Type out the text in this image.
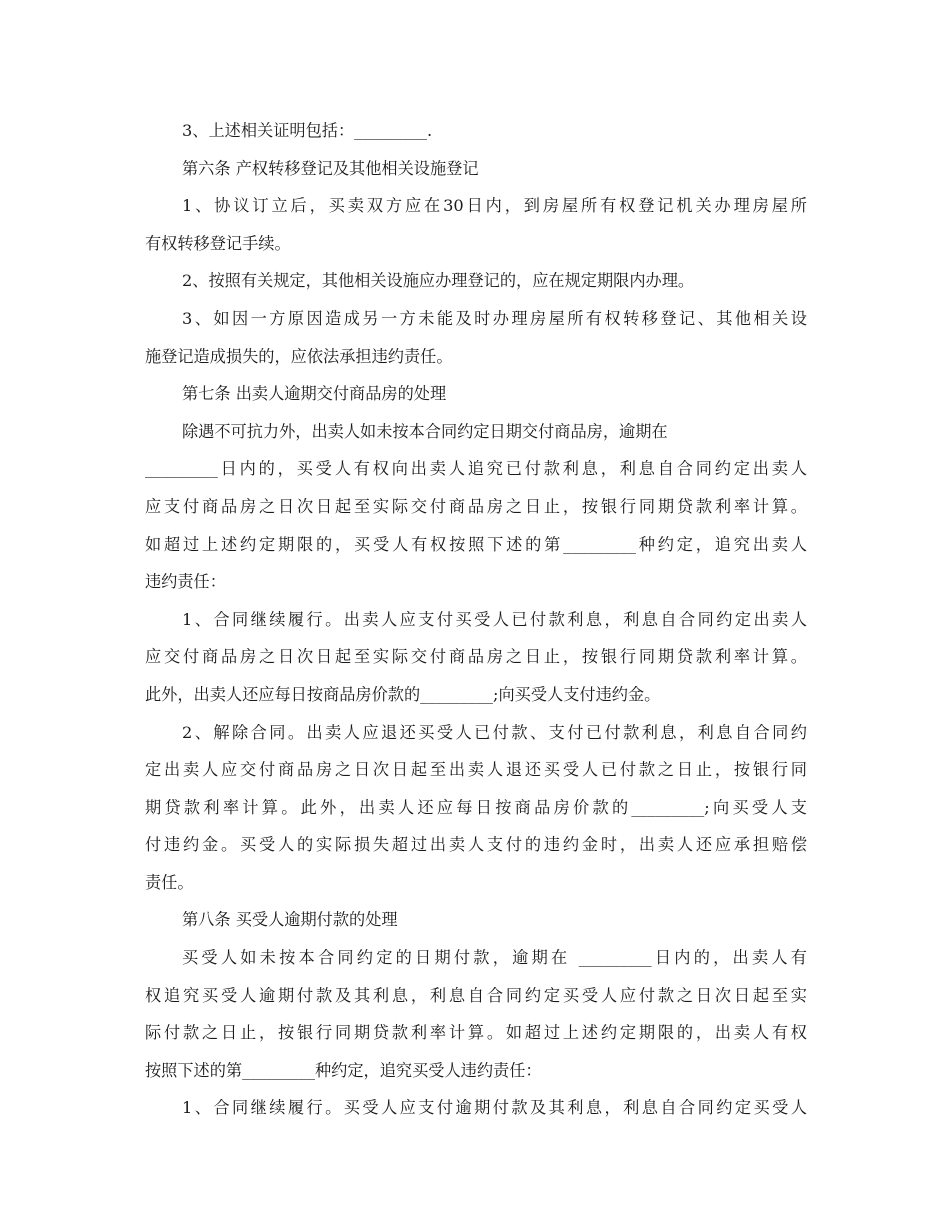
3、上述相关证明包括：_________.
第六条 产权转移登记及其他相关设施登记
1、协议订立后，买卖双方应在30日内，到房屋所有权登记机关办理房屋所
有权转移登记手续。
2、按照有关规定，其他相关设施应办理登记的，应在规定期限内办理。
3、如因一方原因造成另一方未能及时办理房屋所有权转移登记、其他相关设
施登记造成损失的，应依法承担违约责任。
第七条 出卖人逾期交付商品房的处理
除遇不可抗力外，出卖人如未按本合同约定日期交付商品房，逾期在
_________日内的，买受人有权向出卖人追究已付款利息，利息自合同约定出卖人
应支付商品房之日次日起至实际交付商品房之日止，按银行同期贷款利率计算。
如超过上述约定期限的，买受人有权按照下述的第_________种约定，追究出卖人
违约责任：
1、合同继续履行。出卖人应支付买受人已付款利息，利息自合同约定出卖人
应交付商品房之日次日起至实际交付商品房之日止，按银行同期贷款利率计算。
此外，出卖人还应每日按商品房价款的_________;向买受人支付违约金。
2、解除合同。出卖人应退还买受人已付款、支付已付款利息，利息自合同约
定出卖人应交付商品房之日次日起至出卖人退还买受人已付款之日止，按银行同
期贷款利率计算。此外，出卖人还应每日按商品房价款的_________;向买受人支
付违约金。买受人的实际损失超过出卖人支付的违约金时，出卖人还应承担赔偿
责任。
第八条 买受人逾期付款的处理
买受人如未按本合同约定的日期付款，逾期在 _________日内的，出卖人有
权追究买受人逾期付款及其利息，利息自合同约定买受人应付款之日次日起至实
际付款之日止，按银行同期贷款利率计算。如超过上述约定期限的，出卖人有权
按照下述的第_________种约定，追究买受人违约责任：
1、合同继续履行。买受人应支付逾期付款及其利息，利息自合同约定买受人
